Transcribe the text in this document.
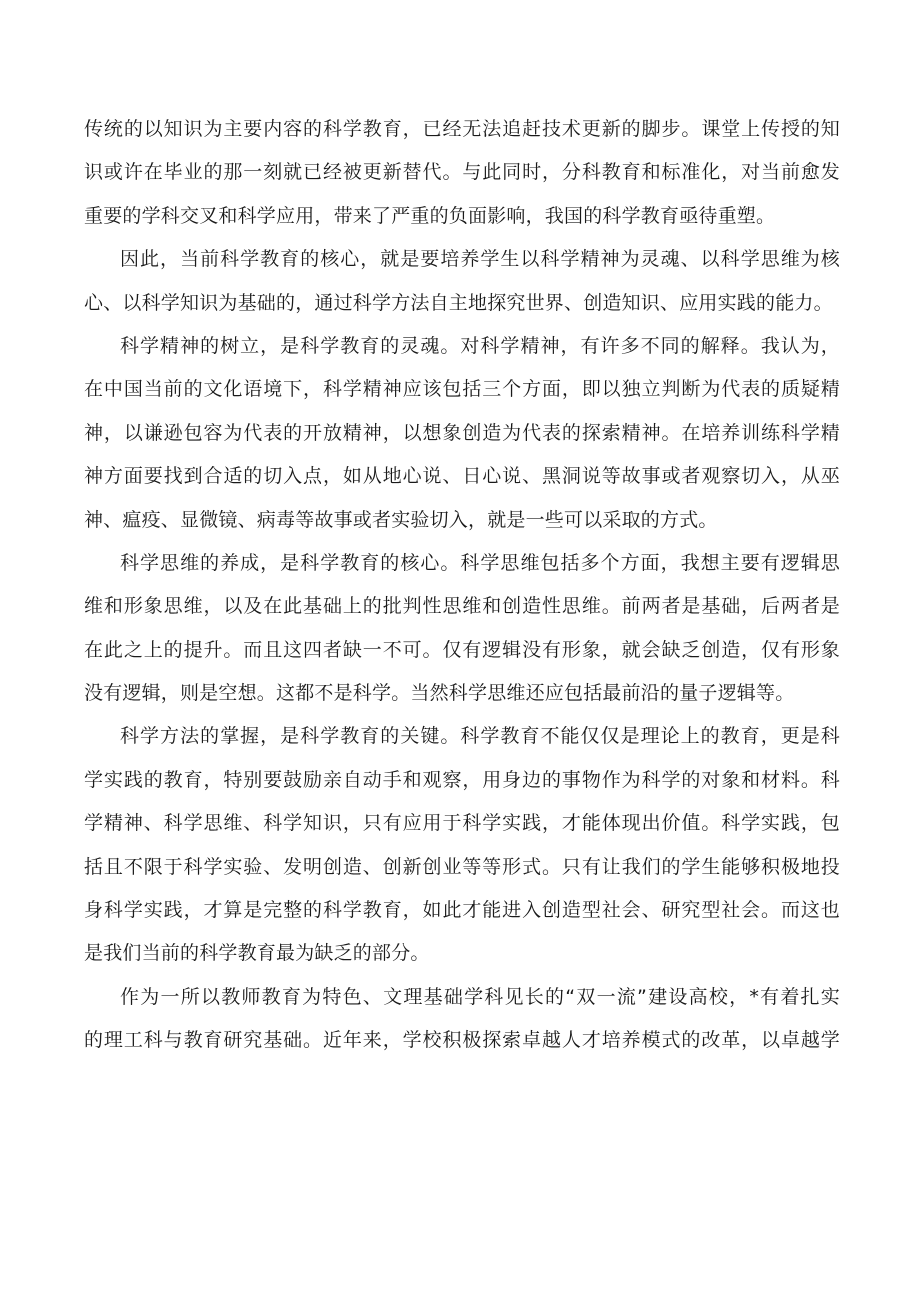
传统的以知识为主要内容的科学教育，已经无法追赶技术更新的脚步。课堂上传授的知
识或许在毕业的那一刻就已经被更新替代。与此同时，分科教育和标准化，对当前愈发
重要的学科交叉和科学应用，带来了严重的负面影响，我国的科学教育亟待重塑。
因此，当前科学教育的核心，就是要培养学生以科学精神为灵魂、以科学思维为核
心、以科学知识为基础的，通过科学方法自主地探究世界、创造知识、应用实践的能力。
科学精神的树立，是科学教育的灵魂。对科学精神，有许多不同的解释。我认为，
在中国当前的文化语境下，科学精神应该包括三个方面，即以独立判断为代表的质疑精
神，以谦逊包容为代表的开放精神，以想象创造为代表的探索精神。在培养训练科学精
神方面要找到合适的切入点，如从地心说、日心说、黑洞说等故事或者观察切入，从巫
神、瘟疫、显微镜、病毒等故事或者实验切入，就是一些可以采取的方式。
科学思维的养成，是科学教育的核心。科学思维包括多个方面，我想主要有逻辑思
维和形象思维，以及在此基础上的批判性思维和创造性思维。前两者是基础，后两者是
在此之上的提升。而且这四者缺一不可。仅有逻辑没有形象，就会缺乏创造，仅有形象
没有逻辑，则是空想。这都不是科学。当然科学思维还应包括最前沿的量子逻辑等。
科学方法的掌握，是科学教育的关键。科学教育不能仅仅是理论上的教育，更是科
学实践的教育，特别要鼓励亲自动手和观察，用身边的事物作为科学的对象和材料。科
学精神、科学思维、科学知识，只有应用于科学实践，才能体现出价值。科学实践，包
括且不限于科学实验、发明创造、创新创业等等形式。只有让我们的学生能够积极地投
身科学实践，才算是完整的科学教育，如此才能进入创造型社会、研究型社会。而这也
是我们当前的科学教育最为缺乏的部分。
作为一所以教师教育为特色、文理基础学科见长的“双一流”建设高校，*有着扎实
的理工科与教育研究基础。近年来，学校积极探索卓越人才培养模式的改革，以卓越学
